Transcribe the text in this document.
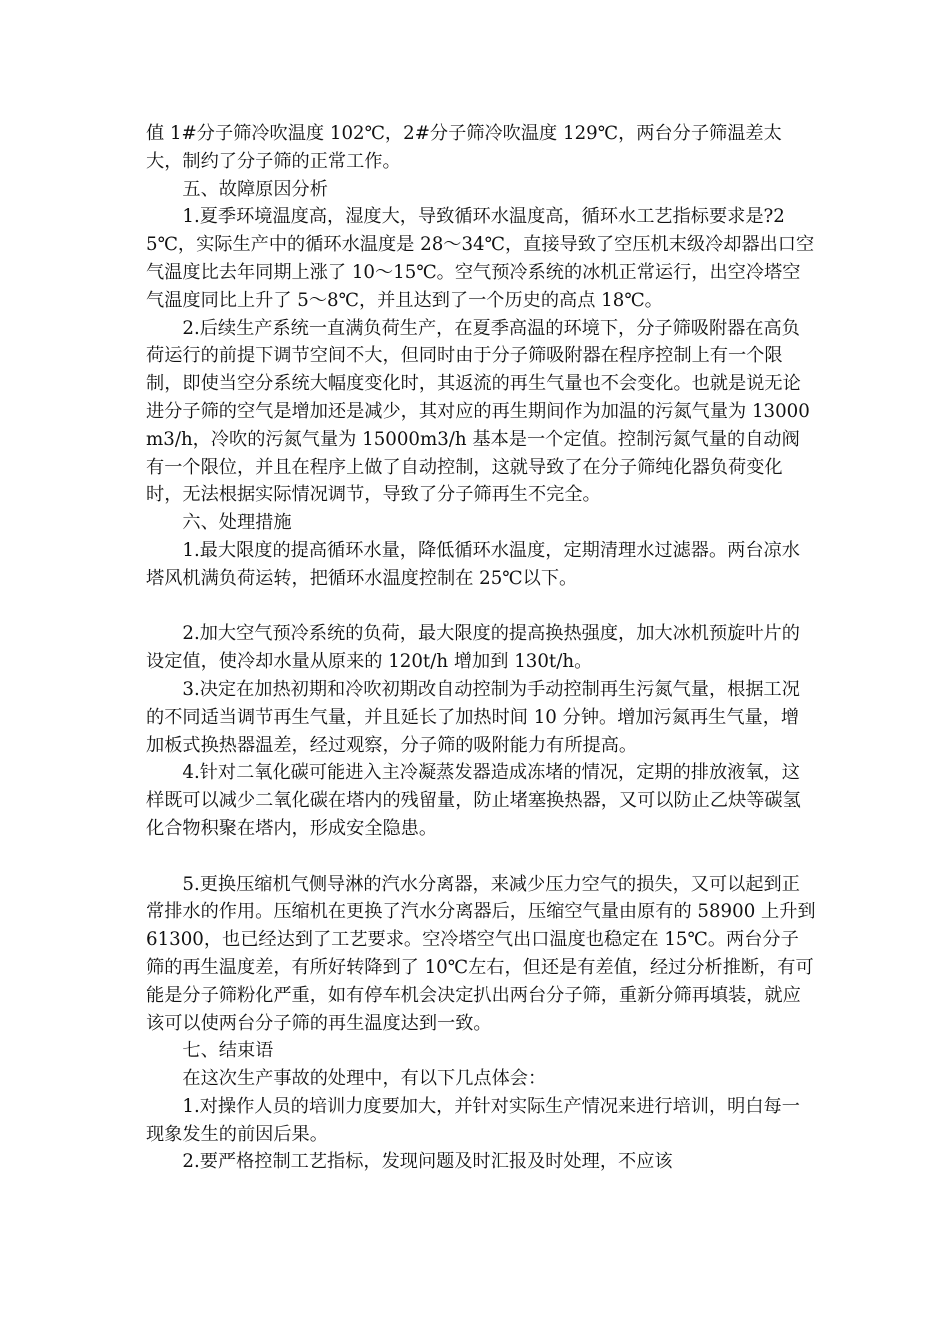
值 1#分子筛冷吹温度 102℃，2#分子筛冷吹温度 129℃，两台分子筛温差太大，制约了分子筛的正常工作。

五、故障原因分析

1.夏季环境温度高，湿度大，导致循环水温度高，循环水工艺指标要求是?25℃，实际生产中的循环水温度是 28～34℃，直接导致了空压机末级冷却器出口空气温度比去年同期上涨了 10～15℃。空气预冷系统的冰机正常运行，出空冷塔空气温度同比上升了 5～8℃，并且达到了一个历史的高点 18℃。

2.后续生产系统一直满负荷生产，在夏季高温的环境下，分子筛吸附器在高负荷运行的前提下调节空间不大，但同时由于分子筛吸附器在程序控制上有一个限制，即使当空分系统大幅度变化时，其返流的再生气量也不会变化。也就是说无论进分子筛的空气是增加还是减少，其对应的再生期间作为加温的污氮气量为 13000m3/h，冷吹的污氮气量为 15000m3/h 基本是一个定值。控制污氮气量的自动阀有一个限位，并且在程序上做了自动控制，这就导致了在分子筛纯化器负荷变化时，无法根据实际情况调节，导致了分子筛再生不完全。

六、处理措施

1.最大限度的提高循环水量，降低循环水温度，定期清理水过滤器。两台凉水塔风机满负荷运转，把循环水温度控制在 25℃以下。

2.加大空气预冷系统的负荷，最大限度的提高换热强度，加大冰机预旋叶片的设定值，使冷却水量从原来的 120t/h 增加到 130t/h。

3.决定在加热初期和冷吹初期改自动控制为手动控制再生污氮气量，根据工况的不同适当调节再生气量，并且延长了加热时间 10 分钟。增加污氮再生气量，增加板式换热器温差，经过观察，分子筛的吸附能力有所提高。

4.针对二氧化碳可能进入主冷凝蒸发器造成冻堵的情况，定期的排放液氧，这样既可以减少二氧化碳在塔内的残留量，防止堵塞换热器，又可以防止乙炔等碳氢化合物积聚在塔内，形成安全隐患。

5.更换压缩机气侧导淋的汽水分离器，来减少压力空气的损失，又可以起到正常排水的作用。压缩机在更换了汽水分离器后，压缩空气量由原有的 58900 上升到 61300，也已经达到了工艺要求。空冷塔空气出口温度也稳定在 15℃。两台分子筛的再生温度差，有所好转降到了 10℃左右，但还是有差值，经过分析推断，有可能是分子筛粉化严重，如有停车机会决定扒出两台分子筛，重新分筛再填装，就应该可以使两台分子筛的再生温度达到一致。

七、结束语

在这次生产事故的处理中，有以下几点体会：

1.对操作人员的培训力度要加大，并针对实际生产情况来进行培训，明白每一现象发生的前因后果。

2.要严格控制工艺指标，发现问题及时汇报及时处理，不应该
